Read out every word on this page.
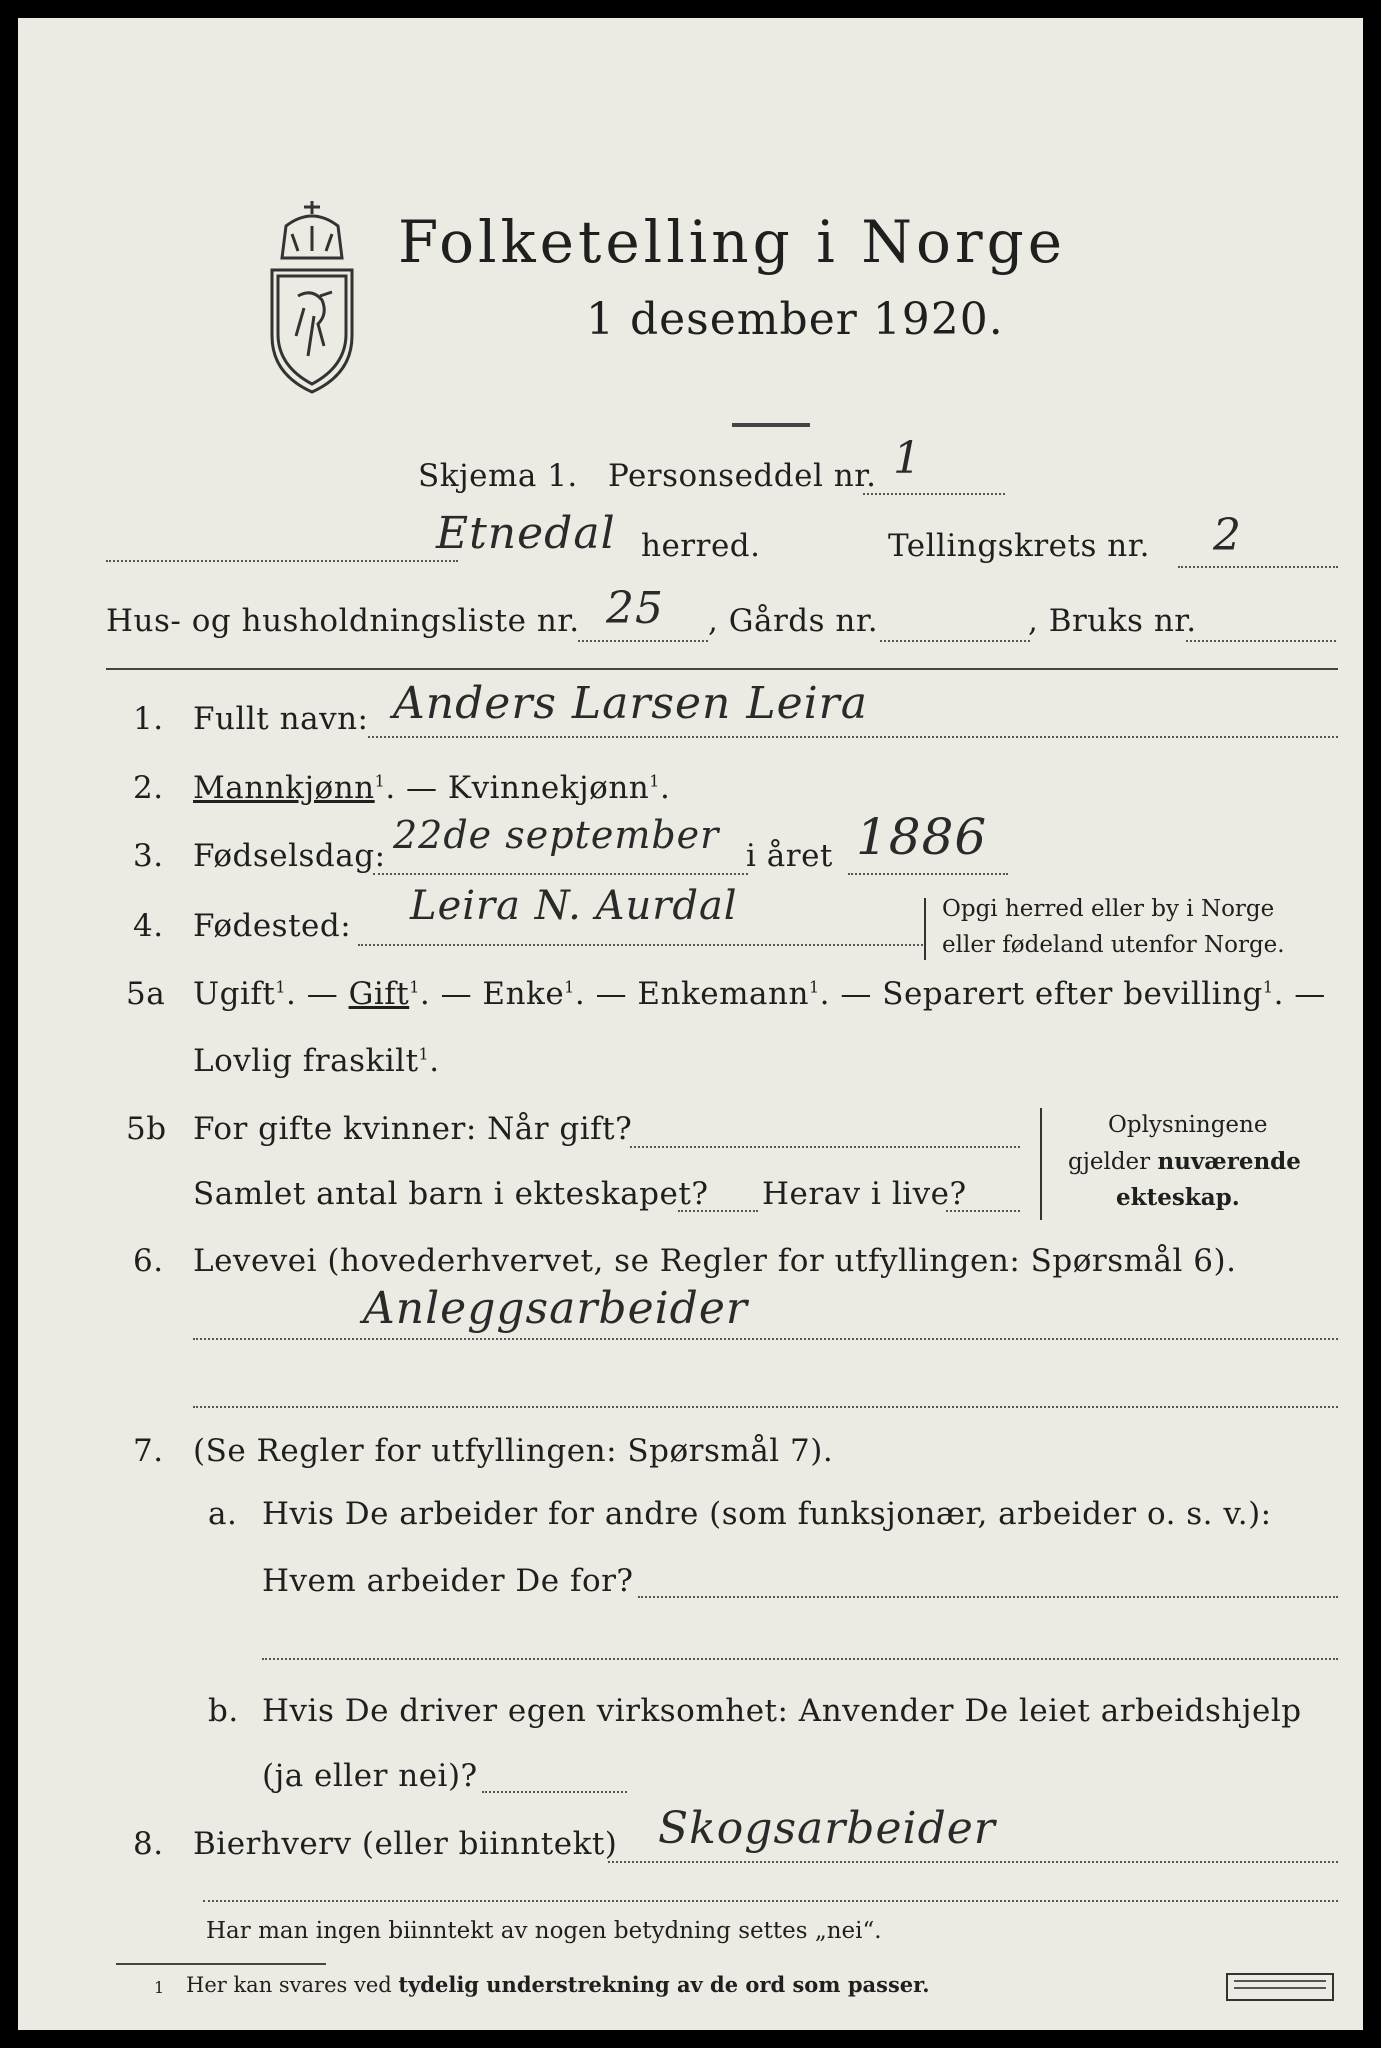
Folketelling i Norge
1 desember 1920.
Skjema 1. Personseddel nr. 1
Etnedal herred.	Tellingskrets nr. 2
Hus- og husholdningsliste nr. 25 , Gårds nr.	, Bruks nr.
1. Fullt navn: Anders Larsen Leira
2. Mannkjønn$^1$. — Kvinnekjønn$^1$.
3. Fødselsdag: 22de september i året 1886
4. Fødested: Leira N. Aurdal	Opgi herred eller by i Norge
eller fødeland utenfor Norge.
5a Ugift$^1$. — Gift$^1$. — Enke$^1$. — Enkemann$^1$. — Separert efter bevilling$^1$. —
Lovlig fraskilt$^1$.
5b For gifte kvinner: Når gift?
Samlet antal barn i ekteskapet? Herav i live?
Oplysningene
gjelder nuværende
ekteskap.
6. Levevei (hovederhvervet, se Regler for utfyllingen: Spørsmål 6).
Anleggsarbeider
7. (Se Regler for utfyllingen: Spørsmål 7).
a. Hvis De arbeider for andre (som funksjonær, arbeider o. s. v.):
Hvem arbeider De for?
b. Hvis De driver egen virksomhet: Anvender De leiet arbeidshjelp
(ja eller nei)?
8. Bierhverv (eller biinntekt) Skogsarbeider
Har man ingen biinntekt av nogen betydning settes „nei“.
1 Her kan svares ved tydelig understrekning av de ord som passer.
